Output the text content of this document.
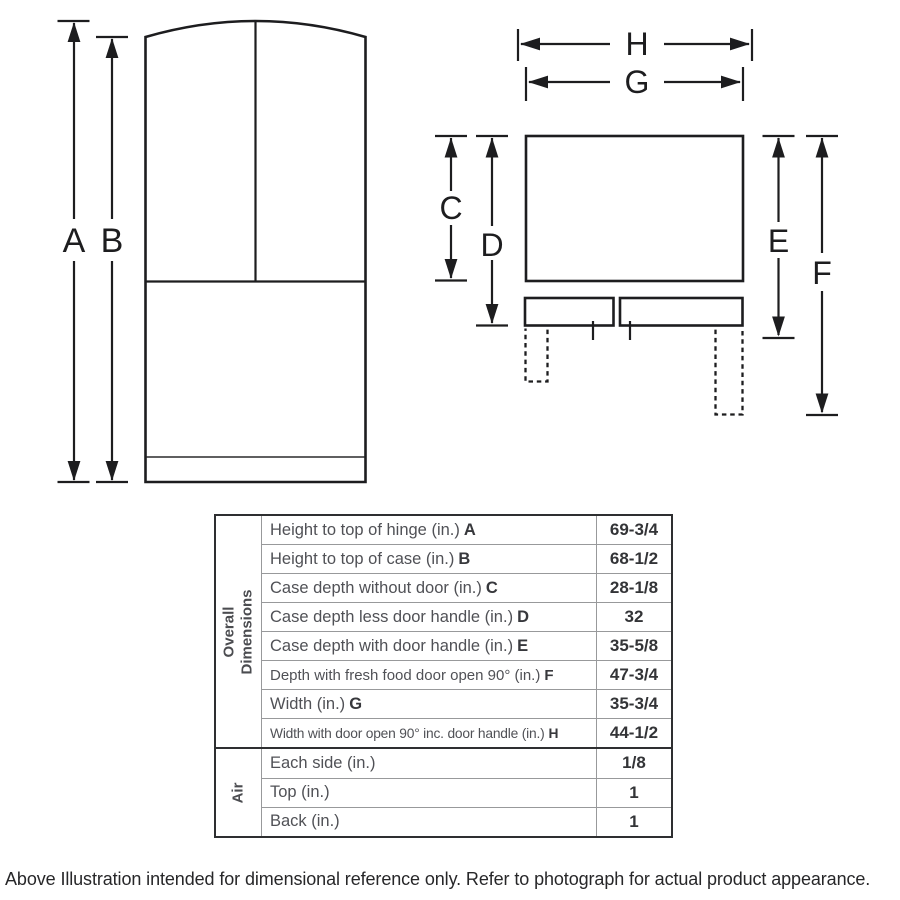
A B
H
G
C
D	E
F
Overall Dimensions
Height to top of hinge (in.) A	69-3/4
Height to top of case (in.) B	68-1/2
Case depth without door (in.) C	28-1/8
Case depth less door handle (in.) D	32
Case depth with door handle (in.) E	35-5/8
Depth with fresh food door open 90° (in.) F	47-3/4
Width (in.) G	35-3/4
Width with door open 90° inc. door handle (in.) H	44-1/2
Air
Each side (in.)	1/8
Top (in.)	1
Back (in.)	1
Above Illustration intended for dimensional reference only. Refer to photograph for actual product appearance.
